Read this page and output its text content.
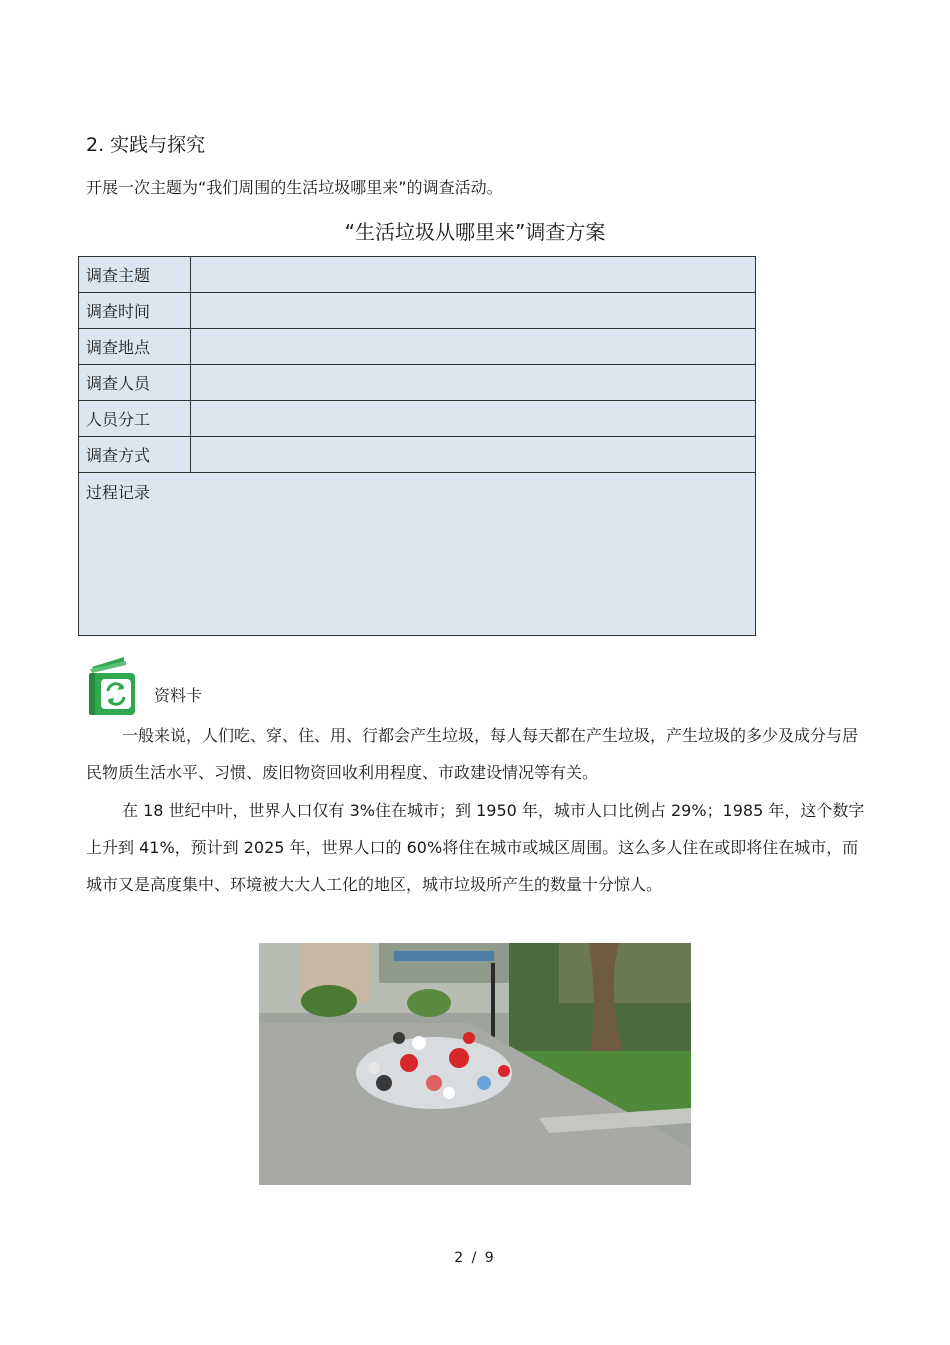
2. 实践与探究
开展一次主题为“我们周围的生活垃圾哪里来”的调查活动。
“生活垃圾从哪里来”调查方案
调查主题	
调查时间	
调查地点	
调查人员	
人员分工	
调查方式	
过程记录	
资料卡
一般来说，人们吃、穿、住、用、行都会产生垃圾，每人每天都在产生垃圾，产生垃圾的多少及成分与居民物质生活水平、习惯、废旧物资回收利用程度、市政建设情况等有关。
在 18 世纪中叶，世界人口仅有 3%住在城市；到 1950 年，城市人口比例占 29%；1985 年，这个数字上升到 41%，预计到 2025 年，世界人口的 60%将住在城市或城区周围。这么多人住在或即将住在城市，而城市又是高度集中、环境被大大人工化的地区，城市垃圾所产生的数量十分惊人。
2 / 9
